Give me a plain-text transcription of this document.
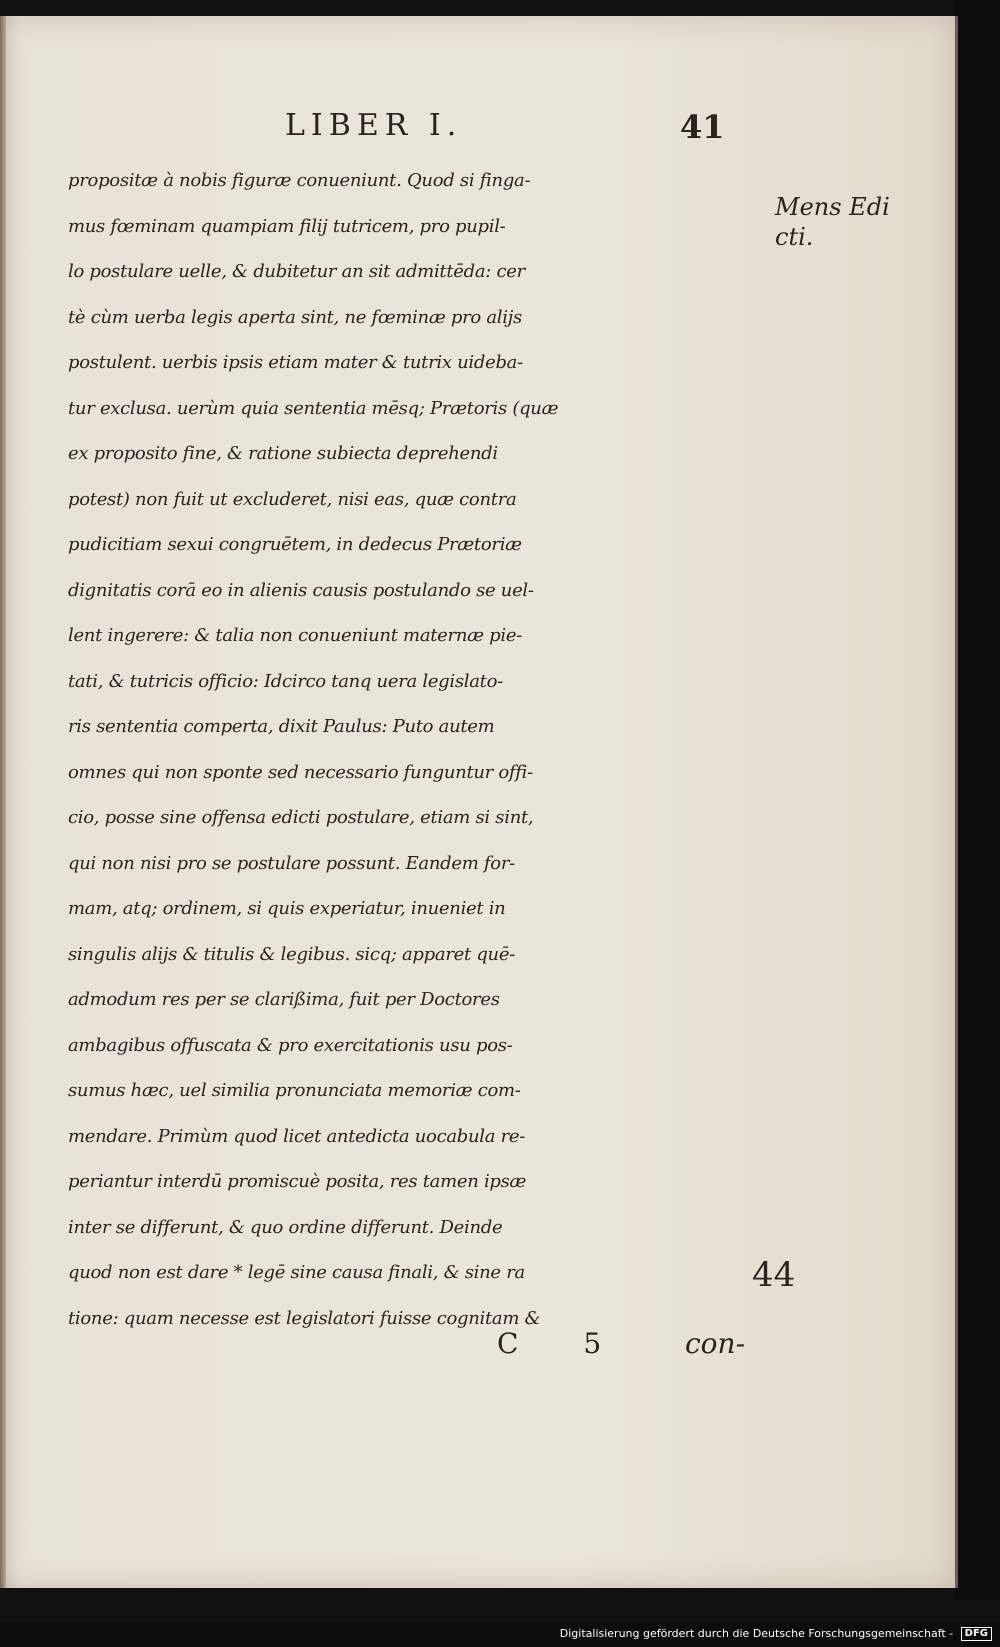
LIBER I.	41
propositæ à nobis figuræ conueniunt. Quod si finga-
mus fœminam quampiam filij tutricem, pro pupil-
lo postulare uelle, & dubitetur an sit admittēda: cer
tè cùm uerba legis aperta sint, ne fœminæ pro alijs
postulent. uerbis ipsis etiam mater & tutrix uideba-
tur exclusa. uerùm quia sententia mēsq; Prætoris (quæ
ex proposito fine, & ratione subiecta deprehendi
potest) non fuit ut excluderet, nisi eas, quæ contra
pudicitiam sexui congruētem, in dedecus Prætoriæ
dignitatis corā eo in alienis causis postulando se uel-
lent ingerere: & talia non conueniunt maternæ pie-
tati, & tutricis officio: Idcirco tanq uera legislato-
ris sententia comperta, dixit Paulus: Puto autem
omnes qui non sponte sed necessario funguntur offi-
cio, posse sine offensa edicti postulare, etiam si sint,
qui non nisi pro se postulare possunt. Eandem for-
mam, atq; ordinem, si quis experiatur, inueniet in
singulis alijs & titulis & legibus. sicq; apparet quē-
admodum res per se clarißima, fuit per Doctores
ambagibus offuscata & pro exercitationis usu pos-
sumus hæc, uel similia pronunciata memoriæ com-
mendare. Primùm quod licet antedicta uocabula re-
periantur interdū promiscuè posita, res tamen ipsæ
inter se differunt, & quo ordine differunt. Deinde
quod non est dare * legē sine causa finali, & sine ra
tione: quam necesse est legislatori fuisse cognitam &
Mens Edi
cti.
44
C 5 con-
Digitalisierung gefördert durch die Deutsche Forschungsgemeinschaft - DFG
